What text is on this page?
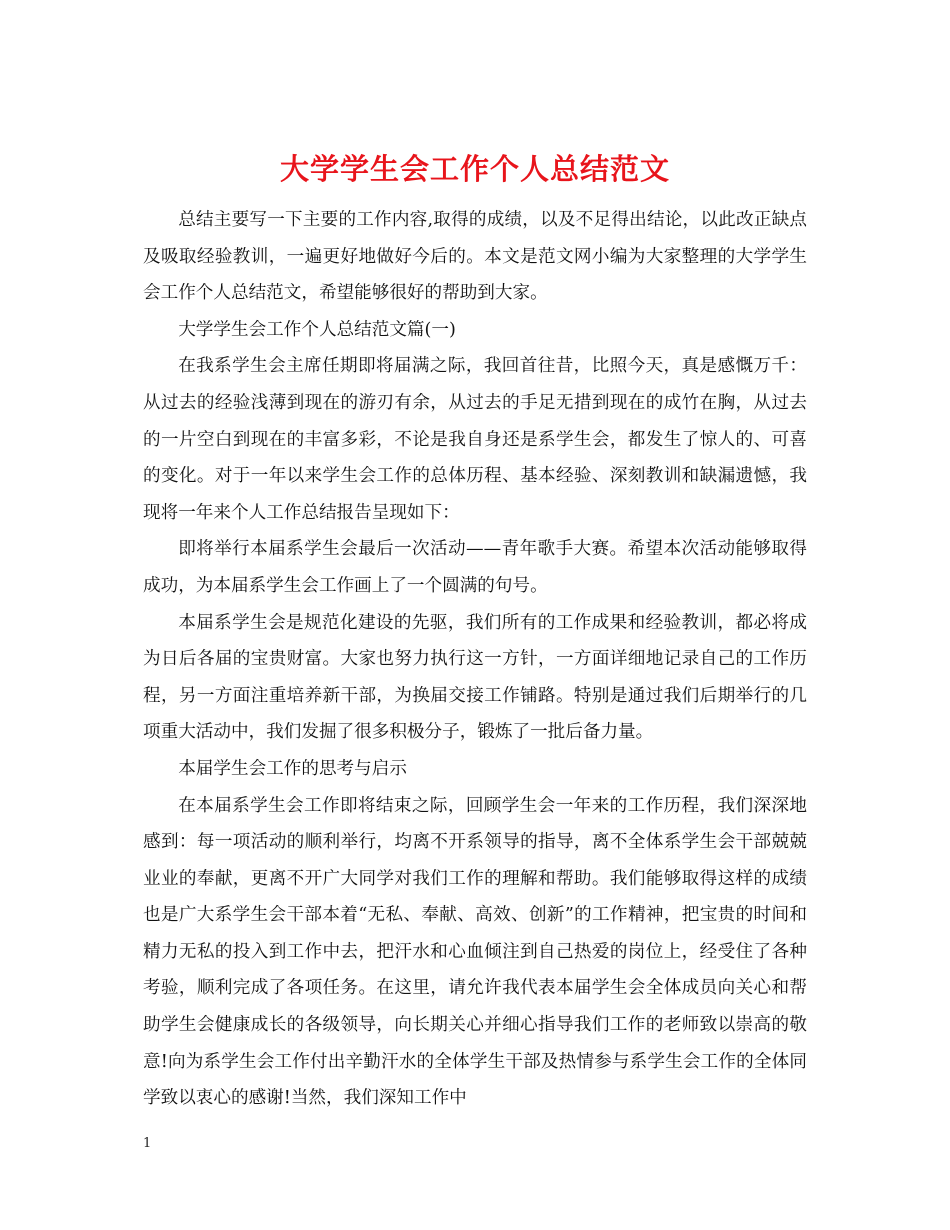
大学学生会工作个人总结范文

总结主要写一下主要的工作内容,取得的成绩，以及不足得出结论，以此改正缺点及吸取经验教训，一遍更好地做好今后的。本文是范文网小编为大家整理的大学学生会工作个人总结范文，希望能够很好的帮助到大家。

大学学生会工作个人总结范文篇(一)

在我系学生会主席任期即将届满之际，我回首往昔，比照今天，真是感慨万千：从过去的经验浅薄到现在的游刃有余，从过去的手足无措到现在的成竹在胸，从过去的一片空白到现在的丰富多彩，不论是我自身还是系学生会，都发生了惊人的、可喜的变化。对于一年以来学生会工作的总体历程、基本经验、深刻教训和缺漏遗憾，我现将一年来个人工作总结报告呈现如下：

即将举行本届系学生会最后一次活动——青年歌手大赛。希望本次活动能够取得成功，为本届系学生会工作画上了一个圆满的句号。

本届系学生会是规范化建设的先驱，我们所有的工作成果和经验教训，都必将成为日后各届的宝贵财富。大家也努力执行这一方针，一方面详细地记录自己的工作历程，另一方面注重培养新干部，为换届交接工作铺路。特别是通过我们后期举行的几项重大活动中，我们发掘了很多积极分子，锻炼了一批后备力量。

本届学生会工作的思考与启示

在本届系学生会工作即将结束之际，回顾学生会一年来的工作历程，我们深深地感到：每一项活动的顺利举行，均离不开系领导的指导，离不全体系学生会干部兢兢业业的奉献，更离不开广大同学对我们工作的理解和帮助。我们能够取得这样的成绩也是广大系学生会干部本着“无私、奉献、高效、创新”的工作精神，把宝贵的时间和精力无私的投入到工作中去，把汗水和心血倾注到自己热爱的岗位上，经受住了各种考验，顺利完成了各项任务。在这里，请允许我代表本届学生会全体成员向关心和帮助学生会健康成长的各级领导，向长期关心并细心指导我们工作的老师致以崇高的敬意!向为系学生会工作付出辛勤汗水的全体学生干部及热情参与系学生会工作的全体同学致以衷心的感谢!当然，我们深知工作中

1
